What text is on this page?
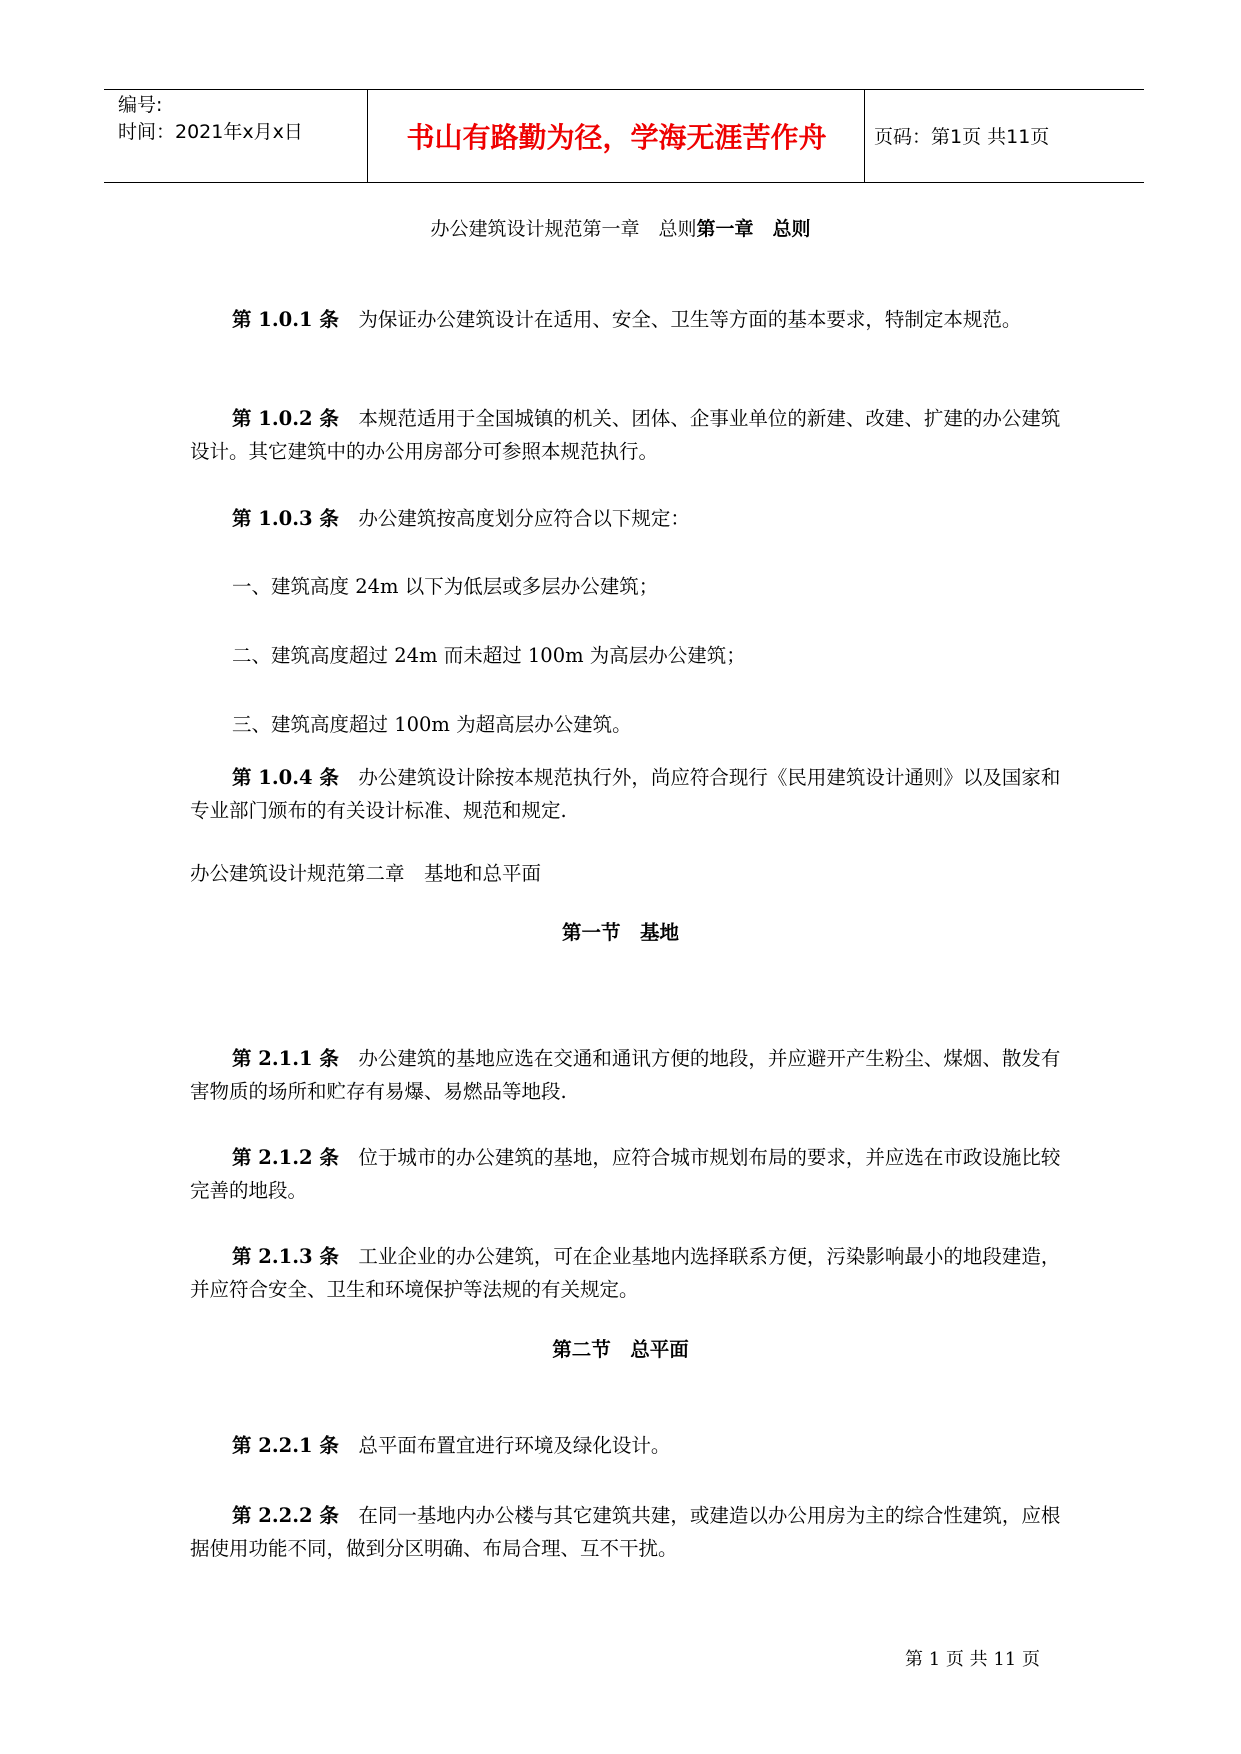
编号:
时间：2021年x月x日	书山有路勤为径，学海无涯苦作舟	页码：第1页 共11页
办公建筑设计规范第一章　总则第一章　总则
第 1.0.1 条　 为保证办公建筑设计在适用、安全、卫生等方面的基本要求，特制定本规范。
第 1.0.2 条　 本规范适用于全国城镇的机关、团体、企事业单位的新建、改建、扩建的办公建筑设计。其它建筑中的办公用房部分可参照本规范执行。
第 1.0.3 条　 办公建筑按高度划分应符合以下规定：
一、建筑高度 24m 以下为低层或多层办公建筑；
二、建筑高度超过 24m 而未超过 100m 为高层办公建筑；
三、建筑高度超过 100m 为超高层办公建筑。
第 1.0.4 条　 办公建筑设计除按本规范执行外，尚应符合现行《民用建筑设计通则》以及国家和专业部门颁布的有关设计标准、规范和规定.
办公建筑设计规范第二章　基地和总平面
第一节　基地
第 2.1.1 条　 办公建筑的基地应选在交通和通讯方便的地段，并应避开产生粉尘、煤烟、散发有害物质的场所和贮存有易爆、易燃品等地段.
第 2.1.2 条　 位于城市的办公建筑的基地，应符合城市规划布局的要求，并应选在市政设施比较完善的地段。
第 2.1.3 条　 工业企业的办公建筑，可在企业基地内选择联系方便，污染影响最小的地段建造，并应符合安全、卫生和环境保护等法规的有关规定。
第二节　总平面
第 2.2.1 条　 总平面布置宜进行环境及绿化设计。
第 2.2.2 条　 在同一基地内办公楼与其它建筑共建，或建造以办公用房为主的综合性建筑，应根据使用功能不同，做到分区明确、布局合理、互不干扰。
第 1 页 共 11 页
